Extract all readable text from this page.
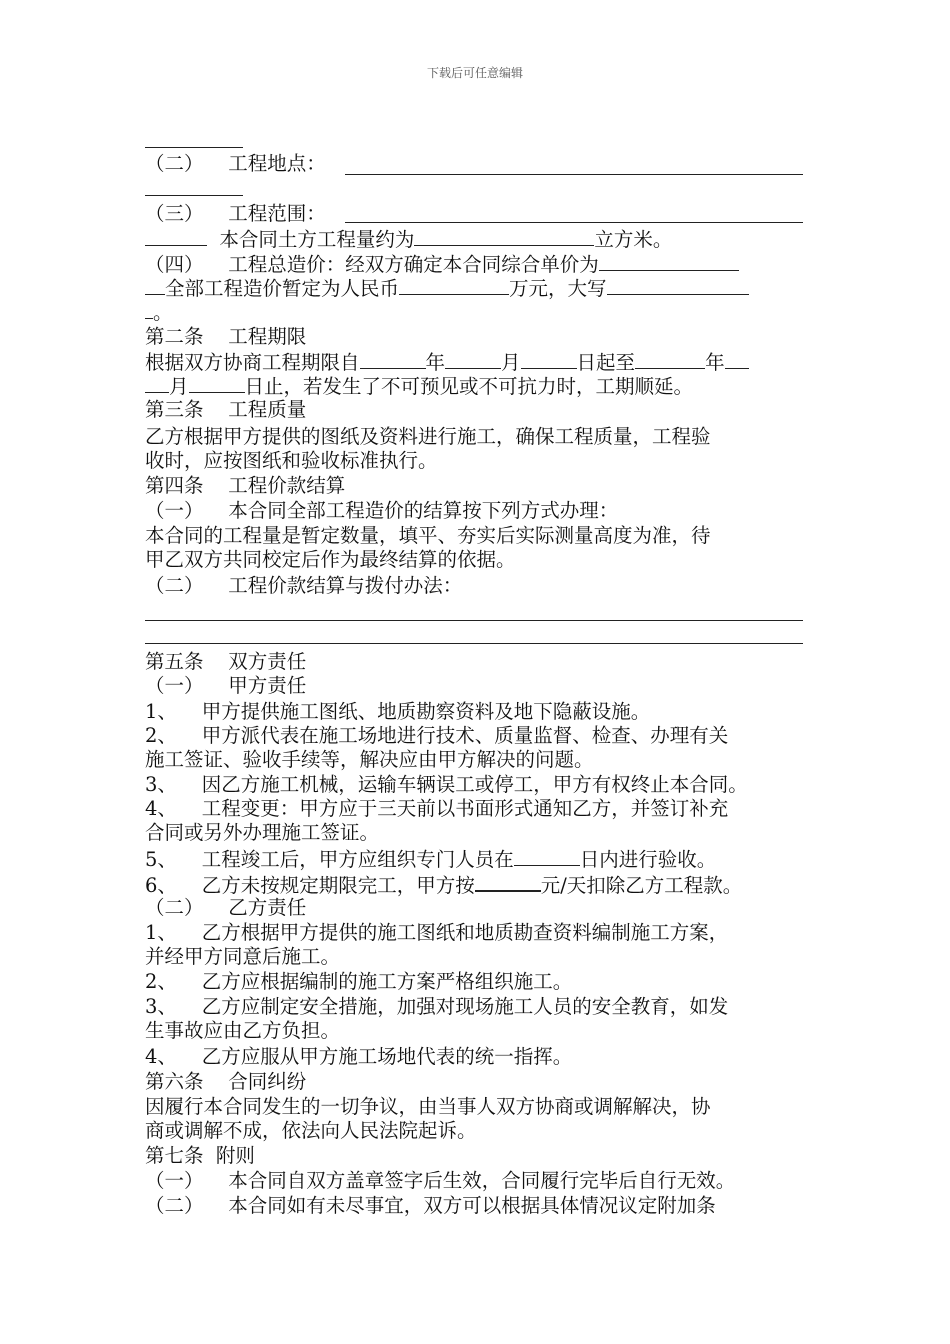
下载后可任意编辑
（二）    工程地点：
（三）    工程范围：
本合同土方工程量约为	立方米。
（四）    工程总造价：经双方确定本合同综合单价为
全部工程造价暂定为人民币	万元，大写
。
第二条    工程期限
根据双方协商工程期限自	年	月	日起至	年
月	日止，若发生了不可预见或不可抗力时，工期顺延。
第三条    工程质量
乙方根据甲方提供的图纸及资料进行施工，确保工程质量，工程验
收时，应按图纸和验收标准执行。
第四条    工程价款结算
（一）    本合同全部工程造价的结算按下列方式办理：
本合同的工程量是暂定数量，填平、夯实后实际测量高度为准，待
甲乙双方共同校定后作为最终结算的依据。
（二）    工程价款结算与拨付办法：
第五条    双方责任
（一）    甲方责任
1、    甲方提供施工图纸、地质勘察资料及地下隐蔽设施。
2、    甲方派代表在施工场地进行技术、质量监督、检查、办理有关
施工签证、验收手续等，解决应由甲方解决的问题。
3、    因乙方施工机械，运输车辆误工或停工，甲方有权终止本合同。
4、    工程变更：甲方应于三天前以书面形式通知乙方，并签订补充
合同或另外办理施工签证。
5、    工程竣工后，甲方应组织专门人员在	日内进行验收。
6、    乙方未按规定期限完工，甲方按	元/天扣除乙方工程款。
（二）    乙方责任
1、    乙方根据甲方提供的施工图纸和地质勘查资料编制施工方案，
并经甲方同意后施工。
2、    乙方应根据编制的施工方案严格组织施工。
3、    乙方应制定安全措施，加强对现场施工人员的安全教育，如发
生事故应由乙方负担。
4、    乙方应服从甲方施工场地代表的统一指挥。
第六条    合同纠纷
因履行本合同发生的一切争议，由当事人双方协商或调解解决，协
商或调解不成，依法向人民法院起诉。
第七条  附则
（一）    本合同自双方盖章签字后生效，合同履行完毕后自行无效。
（二）    本合同如有未尽事宜，双方可以根据具体情况议定附加条
